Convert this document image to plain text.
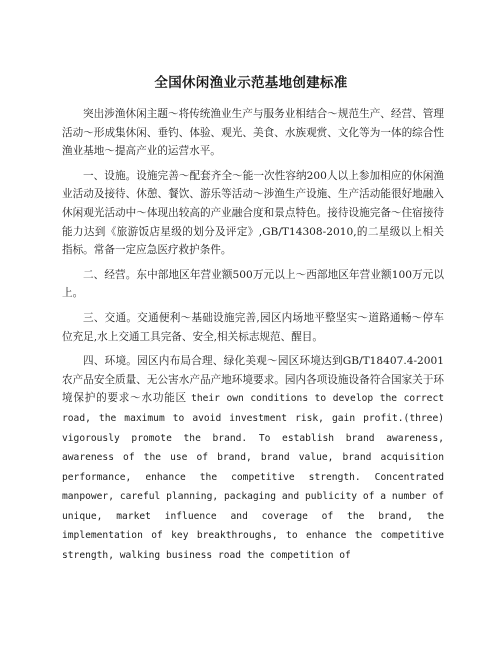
全国休闲渔业示范基地创建标准

突出涉渔休闲主题～将传统渔业生产与服务业相结合～规范生产、经营、管理活动～形成集休闲、垂钓、体验、观光、美食、水族观赏、文化等为一体的综合性渔业基地～提高产业的运营水平。

一、设施。设施完善～配套齐全～能一次性容纳200人以上参加相应的休闲渔业活动及接待、休憩、餐饮、游乐等活动～涉渔生产设施、生产活动能很好地融入休闲观光活动中～体现出较高的产业融合度和景点特色。接待设施完备～住宿接待能力达到《旅游饭店星级的划分及评定》,GB/T14308-2010,的二星级以上相关指标。常备一定应急医疗救护条件。

二、经营。东中部地区年营业额500万元以上～西部地区年营业额100万元以上。

三、交通。交通便利～基础设施完善,园区内场地平整坚实～道路通畅～停车位充足,水上交通工具完备、安全,相关标志规范、醒目。

四、环境。园区内布局合理、绿化美观～园区环境达到GB/T18407.4-2001农产品安全质量、无公害水产品产地环境要求。园内各项设施设备符合国家关于环境保护的要求～水功能区 their own conditions to develop the correct road, the maximum to avoid investment risk, gain profit.(three) vigorously promote the brand. To establish brand awareness, awareness of the use of brand, brand value, brand acquisition performance, enhance the competitive strength. Concentrated manpower, careful planning, packaging and publicity of a number of unique, market influence and coverage of the brand, the implementation of key breakthroughs, to enhance the competitive strength, walking business road the competition of
